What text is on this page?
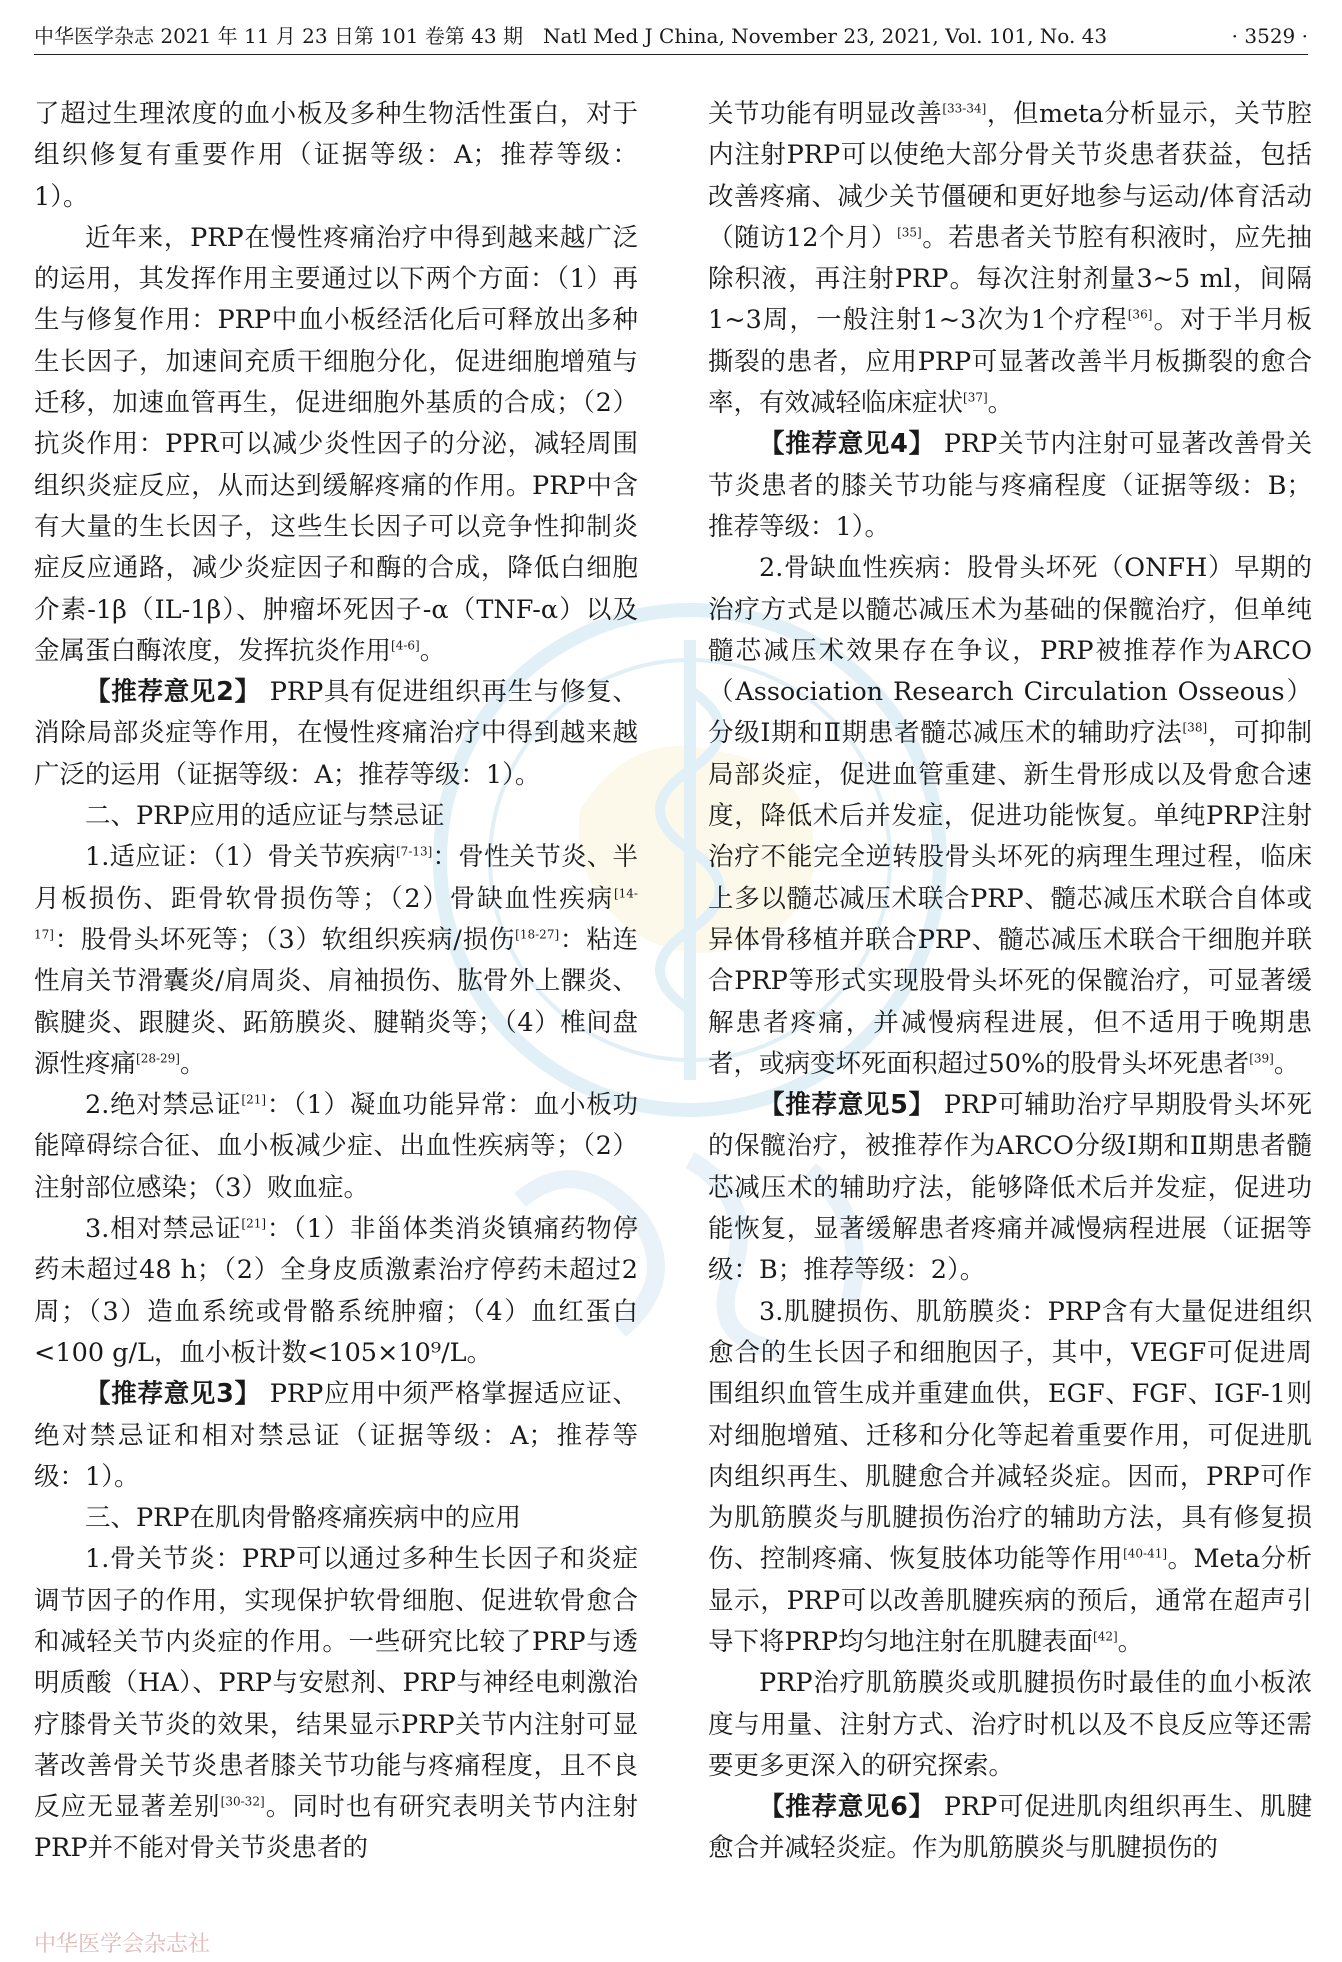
中华医学杂志 2021 年 11 月 23 日第 101 卷第 43 期　Natl Med J China, November 23, 2021, Vol. 101, No. 43	· 3529 ·

了超过生理浓度的血小板及多种生物活性蛋白，对于组织修复有重要作用（证据等级：A；推荐等级：1）。

近年来，PRP在慢性疼痛治疗中得到越来越广泛的运用，其发挥作用主要通过以下两个方面：（1）再生与修复作用：PRP中血小板经活化后可释放出多种生长因子，加速间充质干细胞分化，促进细胞增殖与迁移，加速血管再生，促进细胞外基质的合成；（2）抗炎作用：PPR可以减少炎性因子的分泌，减轻周围组织炎症反应，从而达到缓解疼痛的作用。PRP中含有大量的生长因子，这些生长因子可以竞争性抑制炎症反应通路，减少炎症因子和酶的合成，降低白细胞介素-1β（IL-1β）、肿瘤坏死因子-α（TNF-α）以及金属蛋白酶浓度，发挥抗炎作用[4-6]。

【推荐意见2】 PRP具有促进组织再生与修复、消除局部炎症等作用，在慢性疼痛治疗中得到越来越广泛的运用（证据等级：A；推荐等级：1）。

二、PRP应用的适应证与禁忌证

1.适应证：（1）骨关节疾病[7-13]：骨性关节炎、半月板损伤、距骨软骨损伤等；（2）骨缺血性疾病[14-17]：股骨头坏死等；（3）软组织疾病/损伤[18-27]：粘连性肩关节滑囊炎/肩周炎、肩袖损伤、肱骨外上髁炎、髌腱炎、跟腱炎、跖筋膜炎、腱鞘炎等；（4）椎间盘源性疼痛[28-29]。

2.绝对禁忌证[21]：（1）凝血功能异常：血小板功能障碍综合征、血小板减少症、出血性疾病等；（2）注射部位感染；（3）败血症。

3.相对禁忌证[21]：（1）非甾体类消炎镇痛药物停药未超过48 h；（2）全身皮质激素治疗停药未超过2周；（3）造血系统或骨骼系统肿瘤；（4）血红蛋白<100 g/L，血小板计数<105×10⁹/L。

【推荐意见3】 PRP应用中须严格掌握适应证、绝对禁忌证和相对禁忌证（证据等级：A；推荐等级：1）。

三、PRP在肌肉骨骼疼痛疾病中的应用

1.骨关节炎：PRP可以通过多种生长因子和炎症调节因子的作用，实现保护软骨细胞、促进软骨愈合和减轻关节内炎症的作用。一些研究比较了PRP与透明质酸（HA）、PRP与安慰剂、PRP与神经电刺激治疗膝骨关节炎的效果，结果显示PRP关节内注射可显著改善骨关节炎患者膝关节功能与疼痛程度，且不良反应无显著差别[30-32]。同时也有研究表明关节内注射PRP并不能对骨关节炎患者的

关节功能有明显改善[33-34]，但meta分析显示，关节腔内注射PRP可以使绝大部分骨关节炎患者获益，包括改善疼痛、减少关节僵硬和更好地参与运动/体育活动（随访12个月）[35]。若患者关节腔有积液时，应先抽除积液，再注射PRP。每次注射剂量3~5 ml，间隔1~3周，一般注射1~3次为1个疗程[36]。对于半月板撕裂的患者，应用PRP可显著改善半月板撕裂的愈合率，有效减轻临床症状[37]。

【推荐意见4】 PRP关节内注射可显著改善骨关节炎患者的膝关节功能与疼痛程度（证据等级：B；推荐等级：1）。

2.骨缺血性疾病：股骨头坏死（ONFH）早期的治疗方式是以髓芯减压术为基础的保髋治疗，但单纯髓芯减压术效果存在争议，PRP被推荐作为ARCO（Association Research Circulation Osseous）分级Ⅰ期和Ⅱ期患者髓芯减压术的辅助疗法[38]，可抑制局部炎症，促进血管重建、新生骨形成以及骨愈合速度，降低术后并发症，促进功能恢复。单纯PRP注射治疗不能完全逆转股骨头坏死的病理生理过程，临床上多以髓芯减压术联合PRP、髓芯减压术联合自体或异体骨移植并联合PRP、髓芯减压术联合干细胞并联合PRP等形式实现股骨头坏死的保髋治疗，可显著缓解患者疼痛，并减慢病程进展，但不适用于晚期患者，或病变坏死面积超过50%的股骨头坏死患者[39]。

【推荐意见5】 PRP可辅助治疗早期股骨头坏死的保髋治疗，被推荐作为ARCO分级Ⅰ期和Ⅱ期患者髓芯减压术的辅助疗法，能够降低术后并发症，促进功能恢复，显著缓解患者疼痛并减慢病程进展（证据等级：B；推荐等级：2）。

3.肌腱损伤、肌筋膜炎：PRP含有大量促进组织愈合的生长因子和细胞因子，其中，VEGF可促进周围组织血管生成并重建血供，EGF、FGF、IGF-1则对细胞增殖、迁移和分化等起着重要作用，可促进肌肉组织再生、肌腱愈合并减轻炎症。因而，PRP可作为肌筋膜炎与肌腱损伤治疗的辅助方法，具有修复损伤、控制疼痛、恢复肢体功能等作用[40-41]。Meta分析显示，PRP可以改善肌腱疾病的预后，通常在超声引导下将PRP均匀地注射在肌腱表面[42]。

PRP治疗肌筋膜炎或肌腱损伤时最佳的血小板浓度与用量、注射方式、治疗时机以及不良反应等还需要更多更深入的研究探索。

【推荐意见6】 PRP可促进肌肉组织再生、肌腱愈合并减轻炎症。作为肌筋膜炎与肌腱损伤的

中华医学会杂志社
